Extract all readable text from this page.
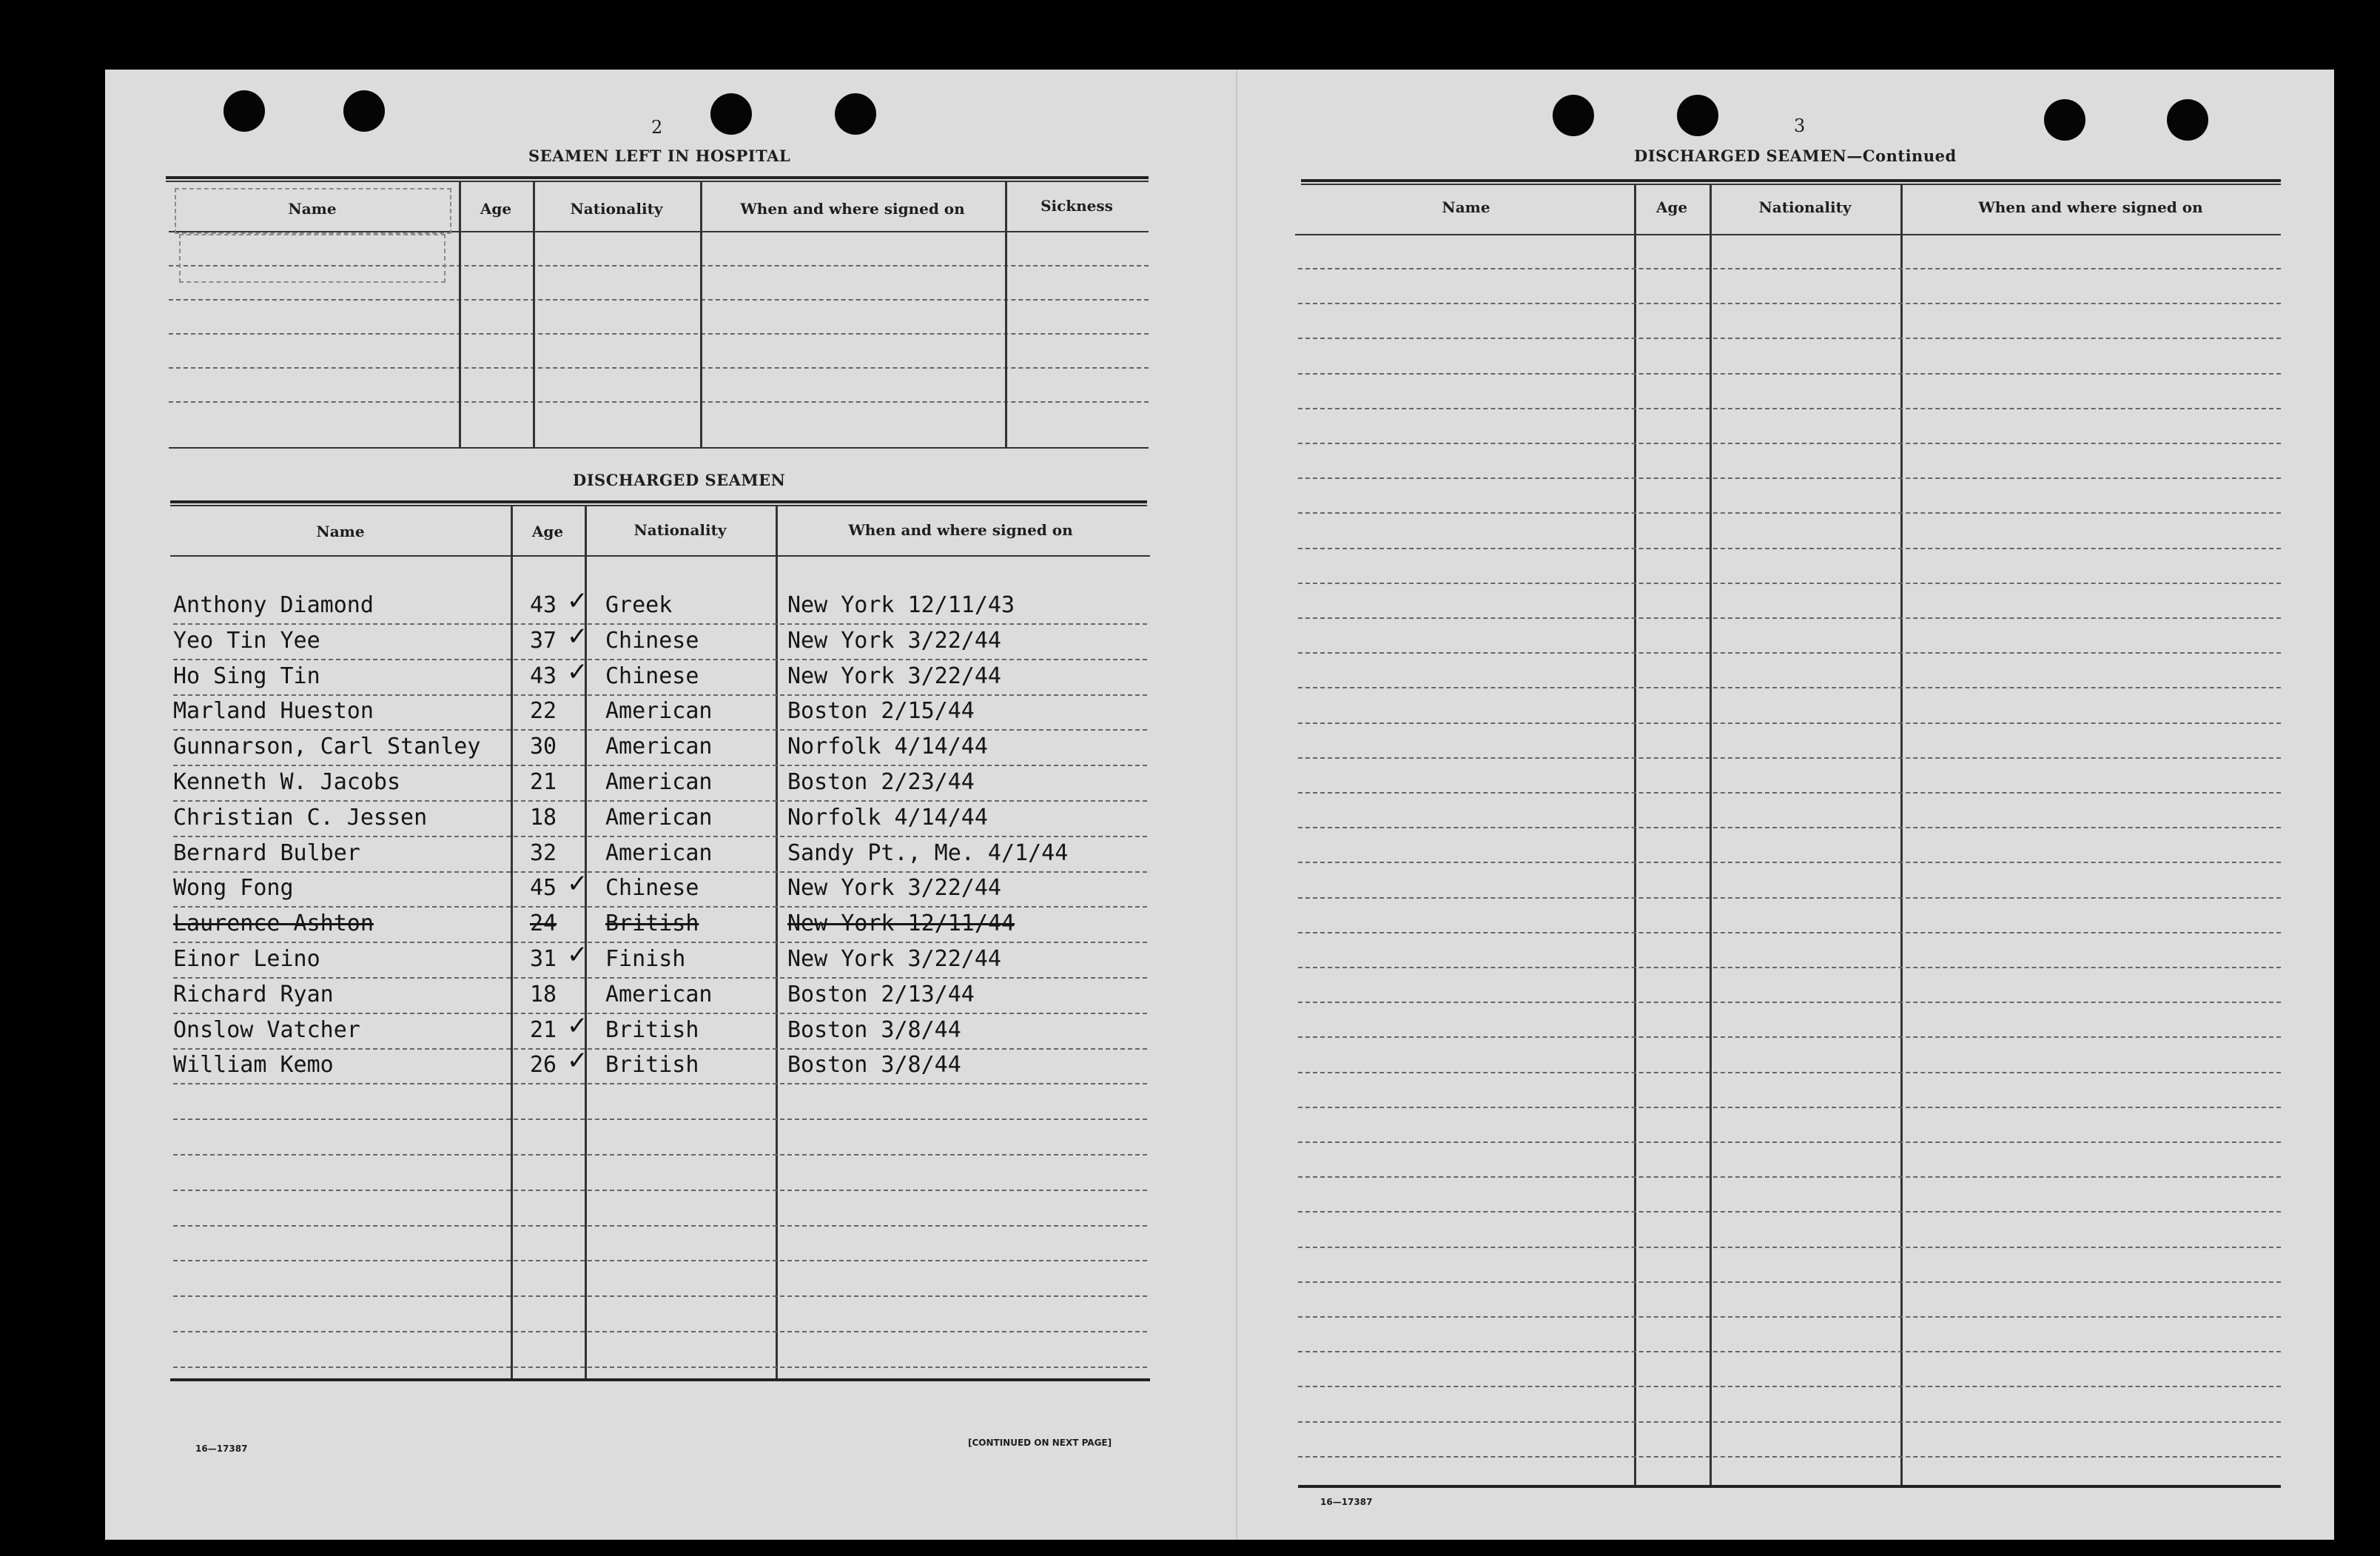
2
SEAMEN LEFT IN HOSPITAL
Name	Age	Nationality	When and where signed on	Sickness
DISCHARGED SEAMEN
Name	Age	Nationality	When and where signed on
Anthony Diamond	43 Greek	New York 12/11/43
✓
Yeo Tin Yee	37 Chinese	New York 3/22/44
✓
Ho Sing Tin	43 Chinese	New York 3/22/44
✓
Marland Hueston	22 American	Boston 2/15/44
Gunnarson, Carl Stanley 30 American	Norfolk 4/14/44
Kenneth W. Jacobs	21 American	Boston 2/23/44
Christian C. Jessen	18 American	Norfolk 4/14/44
Bernard Bulber	32 American	Sandy Pt., Me. 4/1/44
Wong Fong	45 Chinese	New York 3/22/44
✓
Laurence Ashton	24 British	New York 12/11/44
Einor Leino	31 Finish	New York 3/22/44
✓
Richard Ryan	18 American	Boston 2/13/44
Onslow Vatcher	21 British	Boston 3/8/44
✓
William Kemo	26 British	Boston 3/8/44
✓
16—17387
[CONTINUED ON NEXT PAGE]
3
DISCHARGED SEAMEN—Continued
Name	Age	Nationality	When and where signed on
16—17387
